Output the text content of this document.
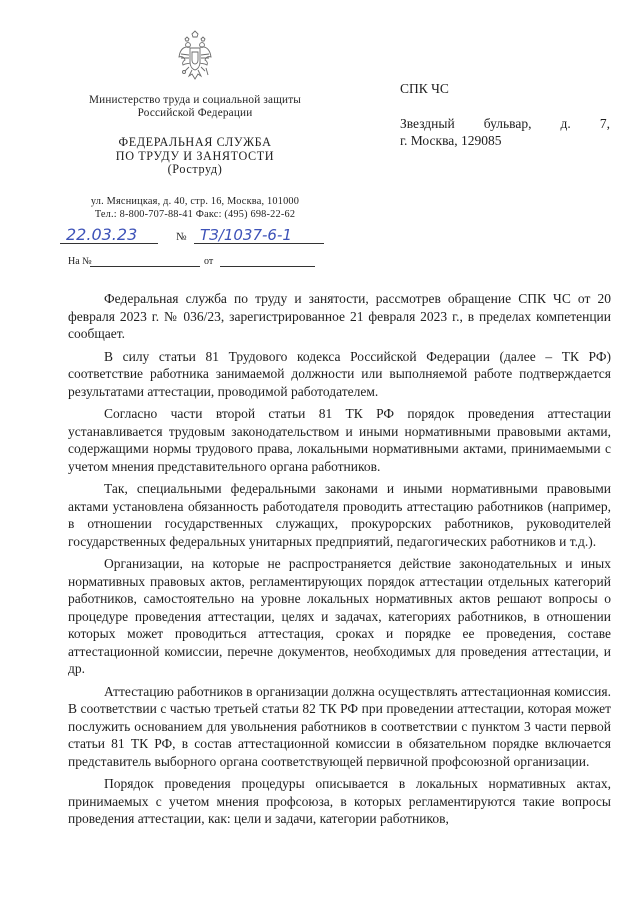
Министерство труда и социальной защиты
Российской Федерации
ФЕДЕРАЛЬНАЯ СЛУЖБА
ПО ТРУДУ И ЗАНЯТОСТИ
(Роструд)
ул. Мясницкая, д. 40, стр. 16, Москва, 101000
Тел.: 8-800-707-88-41 Факс: (495) 698-22-62
22.03.23	№ ТЗ/1037-6-1
На №	от
СПК ЧС
Звездный бульвар, д. 7,
г. Москва, 129085

Федеральная служба по труду и занятости, рассмотрев обращение СПК ЧС от 20 февраля 2023 г. № 036/23, зарегистрированное 21 февраля 2023 г., в пределах компетенции сообщает.

В силу статьи 81 Трудового кодекса Российской Федерации (далее – ТК РФ) соответствие работника занимаемой должности или выполняемой работе подтверждается результатами аттестации, проводимой работодателем.

Согласно части второй статьи 81 ТК РФ порядок проведения аттестации устанавливается трудовым законодательством и иными нормативными правовыми актами, содержащими нормы трудового права, локальными нормативными актами, принимаемыми с учетом мнения представительного органа работников.

Так, специальными федеральными законами и иными нормативными правовыми актами установлена обязанность работодателя проводить аттестацию работников (например, в отношении государственных служащих, прокурорских работников, руководителей государственных федеральных унитарных предприятий, педагогических работников и т.д.).

Организации, на которые не распространяется действие законодательных и иных нормативных правовых актов, регламентирующих порядок аттестации отдельных категорий работников, самостоятельно на уровне локальных нормативных актов решают вопросы о процедуре проведения аттестации, целях и задачах, категориях работников, в отношении которых может проводиться аттестация, сроках и порядке ее проведения, составе аттестационной комиссии, перечне документов, необходимых для проведения аттестации, и др.

Аттестацию работников в организации должна осуществлять аттестационная комиссия. В соответствии с частью третьей статьи 82 ТК РФ при проведении аттестации, которая может послужить основанием для увольнения работников в соответствии с пунктом 3 части первой статьи 81 ТК РФ, в состав аттестационной комиссии в обязательном порядке включается представитель выборного органа соответствующей первичной профсоюзной организации.

Порядок проведения процедуры описывается в локальных нормативных актах, принимаемых с учетом мнения профсоюза, в которых регламентируются такие вопросы проведения аттестации, как: цели и задачи, категории работников,
